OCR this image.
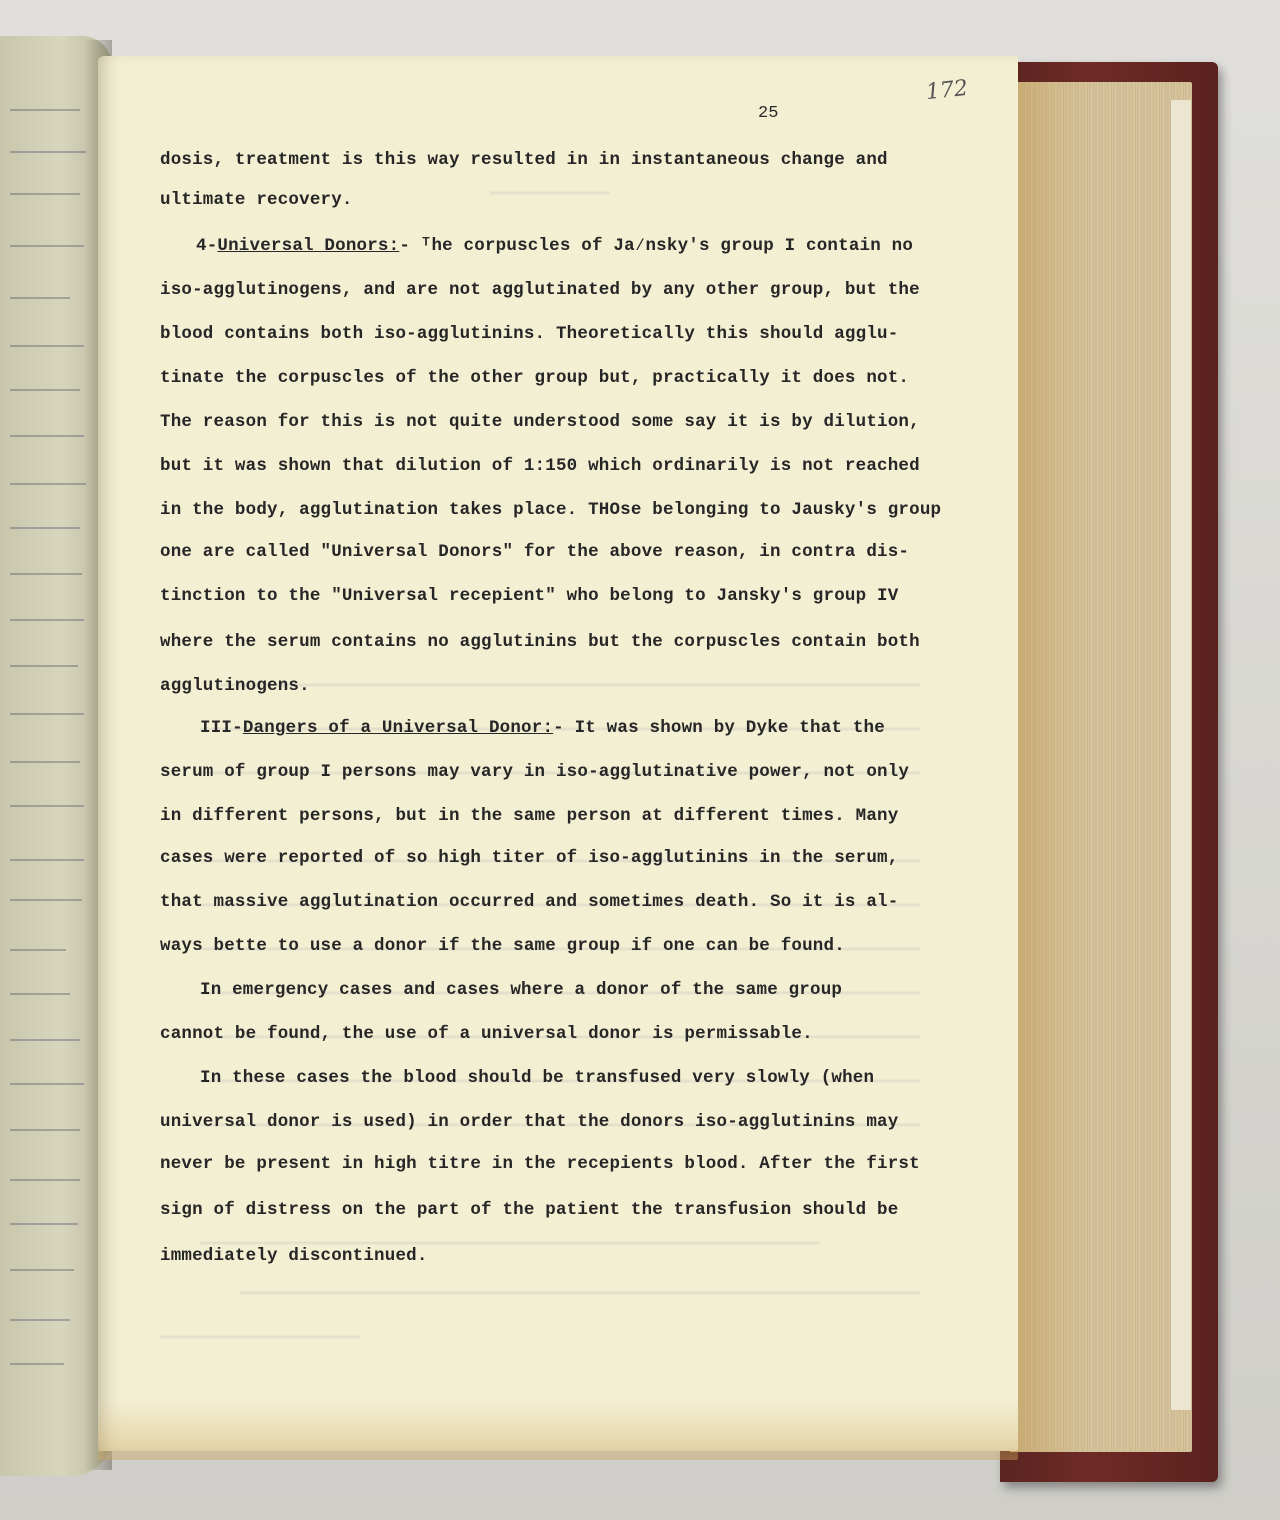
25
172
dosis, treatment is this way resulted in in instantaneous change and
ultimate recovery.
4-Universal Donors:- ᵀhe corpuscles of Ja∕nsky's group I contain no
iso-agglutinogens, and are not agglutinated by any other group, but the
blood contains both iso-agglutinins. Theoretically this should agglu-
tinate the corpuscles of the other group but, practically it does not.
The reason for this is not quite understood some say it is by dilution,
but it was shown that dilution of 1:150 which ordinarily is not reached
in the body, agglutination takes place. THOse belonging to Jausky's group
one are called "Universal Donors" for the above reason, in contra dis-
tinction to the "Universal recepient" who belong to Jansky's group IV
where the serum contains no agglutinins but the corpuscles contain both
agglutinogens.
III-Dangers of a Universal Donor:- It was shown by Dyke that the
serum of group I persons may vary in iso-agglutinative power, not only
in different persons, but in the same person at different times. Many
cases were reported of so high titer of iso-agglutinins in the serum,
that massive agglutination occurred and sometimes death. So it is al-
ways bette to use a donor if the same group if one can be found.
In emergency cases and cases where a donor of the same group
cannot be found, the use of a universal donor is permissable.
In these cases the blood should be transfused very slowly (when
universal donor is used) in order that the donors iso-agglutinins may
never be present in high titre in the recepients blood. After the first
sign of distress on the part of the patient the transfusion should be
immediately discontinued.
